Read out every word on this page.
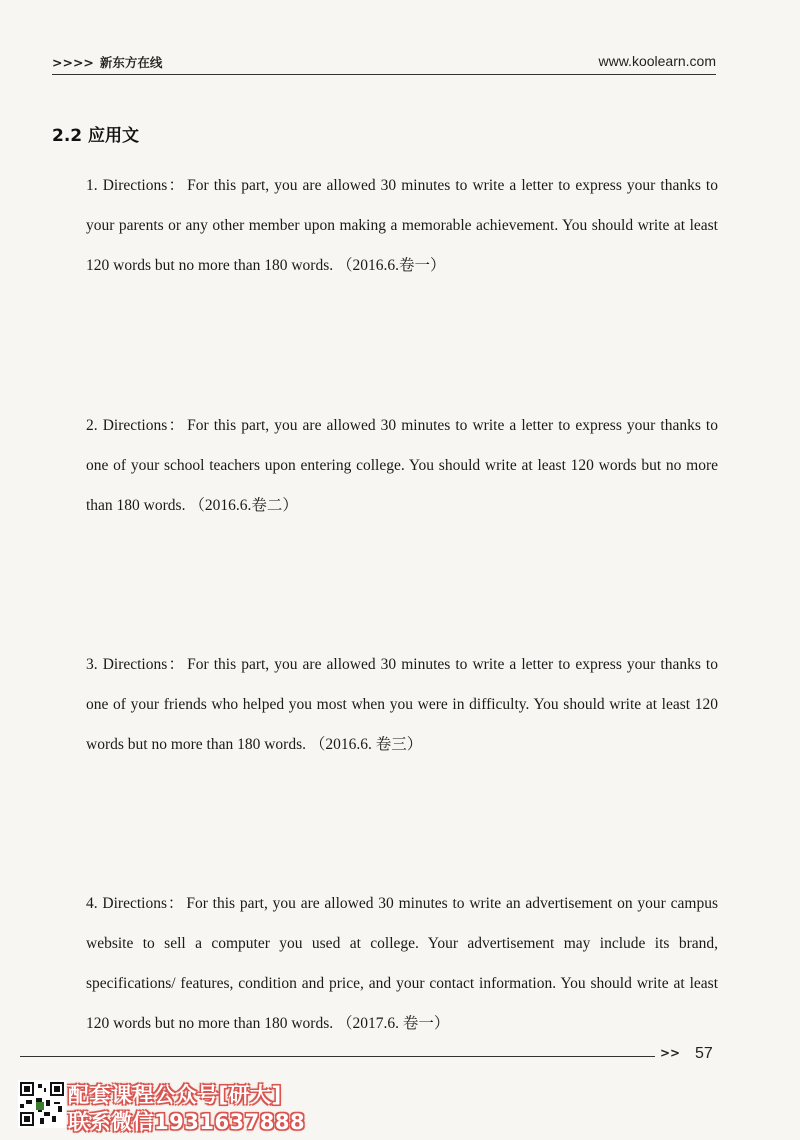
>>>> 新东方在线	www.koolearn.com
2.2 应用文
1. Directions： For this part, you are allowed 30 minutes to write a letter to express your thanks to your parents or any other member upon making a memorable achievement. You should write at least 120 words but no more than 180 words. （2016.6.卷一）
2. Directions： For this part, you are allowed 30 minutes to write a letter to express your thanks to one of your school teachers upon entering college. You should write at least 120 words but no more than 180 words. （2016.6.卷二）
3. Directions： For this part, you are allowed 30 minutes to write a letter to express your thanks to one of your friends who helped you most when you were in difficulty. You should write at least 120 words but no more than 180 words. （2016.6. 卷三）
4. Directions： For this part, you are allowed 30 minutes to write an advertisement on your campus website to sell a computer you used at college. Your advertisement may include its brand, specifications/ features, condition and price, and your contact information. You should write at least 120 words but no more than 180 words. （2017.6. 卷一）
>> 57
配套课程公众号[研大]
联系微信1931637888
